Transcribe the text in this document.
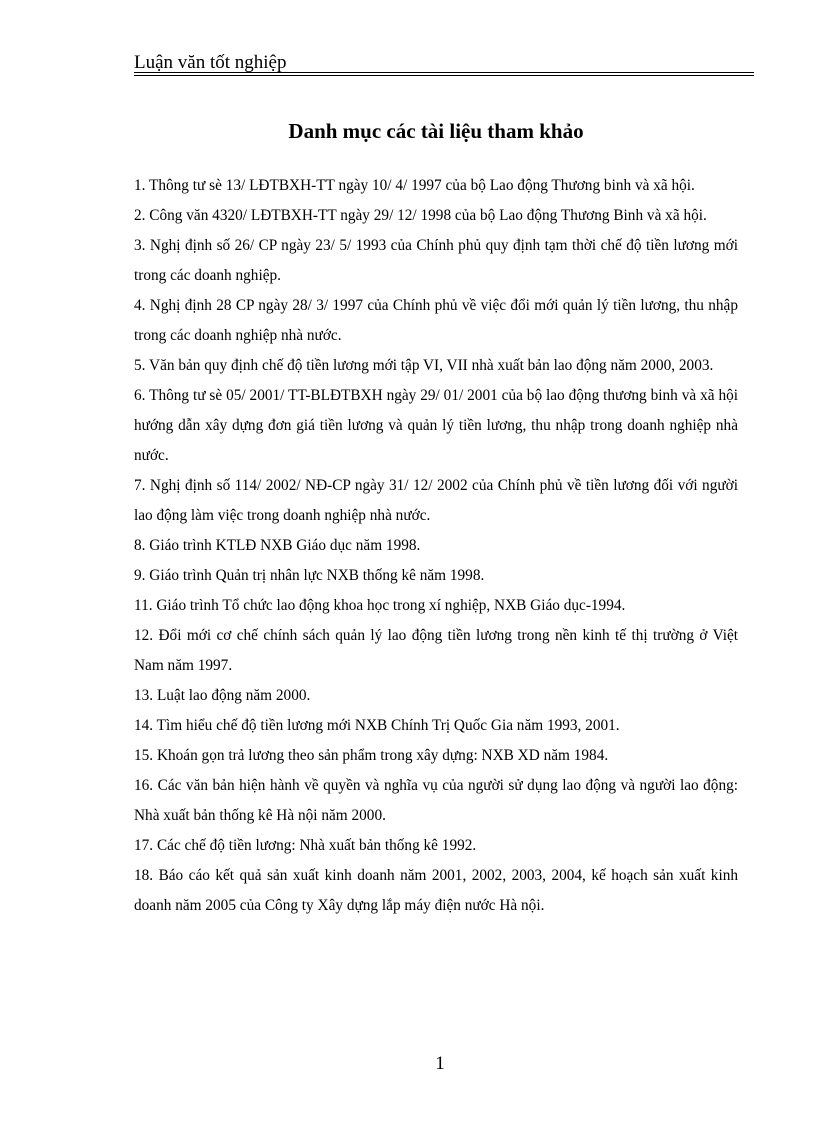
Luận văn tốt nghiệp
Danh mục các tài liệu tham khảo
1. Thông tư sè 13/ LĐTBXH-TT ngày 10/ 4/ 1997 của bộ Lao động Thương binh và xã hội.
2. Công văn 4320/ LĐTBXH-TT ngày 29/ 12/ 1998 của bộ Lao động Thương Binh và xã hội.
3. Nghị định số 26/ CP ngày 23/ 5/ 1993 của Chính phủ quy định tạm thời chế độ tiền lương mới trong các doanh nghiệp.
4. Nghị định 28 CP ngày 28/ 3/ 1997 của Chính phủ về việc đổi mới quản lý tiền lương, thu nhập trong các doanh nghiệp nhà nước.
5. Văn bản quy định chế độ tiền lương mới tập VI, VII nhà xuất bản lao động năm 2000, 2003.
6. Thông tư sè 05/ 2001/ TT-BLĐTBXH ngày 29/ 01/ 2001 của bộ lao động thương binh và xã hội hướng dẫn xây dựng đơn giá tiền lương và quản lý tiền lương, thu nhập trong doanh nghiệp nhà nước.
7. Nghị định số 114/ 2002/ NĐ-CP ngày 31/ 12/ 2002 của Chính phủ về tiền lương đối với người lao động làm việc trong doanh nghiệp nhà nước.
8. Giáo trình KTLĐ NXB Giáo dục năm 1998.
9. Giáo trình Quản trị nhân lực NXB thống kê năm 1998.
11. Giáo trình Tổ chức lao động khoa học trong xí nghiệp, NXB Giáo dục-1994.
12. Đổi mới cơ chế chính sách quản lý lao động tiền lương trong nền kinh tế thị trường ở Việt Nam năm 1997.
13. Luật lao động năm 2000.
14. Tìm hiểu chế độ tiền lương mới NXB Chính Trị Quốc Gia năm 1993, 2001.
15. Khoán gọn trả lương theo sản phẩm trong xây dựng: NXB XD năm 1984.
16. Các văn bản hiện hành về quyền và nghĩa vụ của người sử dụng lao động và người lao động: Nhà xuất bản thống kê Hà nội năm 2000.
17. Các chế độ tiền lương: Nhà xuất bản thống kê 1992.
18. Báo cáo kết quả sản xuất kinh doanh năm 2001, 2002, 2003, 2004, kế hoạch sản xuất kinh doanh năm 2005 của Công ty Xây dựng lắp máy điện nước Hà nội.
1
